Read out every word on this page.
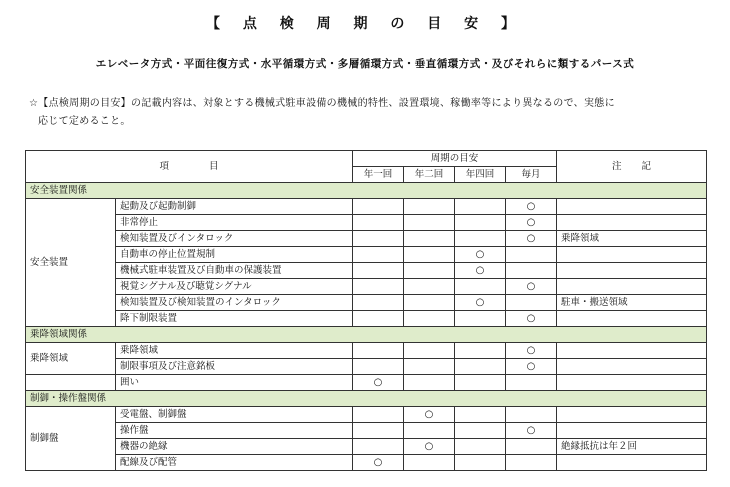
【 点 検 周 期 の 目 安 】
エレベータ方式・平面往復方式・水平循環方式・多層循環方式・垂直循環方式・及びそれらに類するパース式
☆【点検周期の目安】の記載内容は、対象とする機械式駐車設備の機械的特性、設置環境、稼働率等により異なるので、実態に
応じて定めること。
項目		周期の目安				注記
		年一回	年二回	年四回	毎月	
安全装置関係						
安全装置	起動及び起動制御				○	
	非常停止				○	
	検知装置及びインタロック				○	乗降領域
	自動車の停止位置規制			○		
	機械式駐車装置及び自動車の保護装置			○		
	視覚シグナル及び聴覚シグナル				○	
	検知装置及び検知装置のインタロック			○		駐車・搬送領域
	降下制限装置				○	
乗降領域関係						
乗降領域	乗降領域				○	
	制限事項及び注意銘板				○	
	囲い	○				
制御・操作盤関係						
制御盤	受電盤、制御盤		○			
	操作盤				○	
	機器の絶縁		○			絶縁抵抗は年２回
	配線及び配管	○				
